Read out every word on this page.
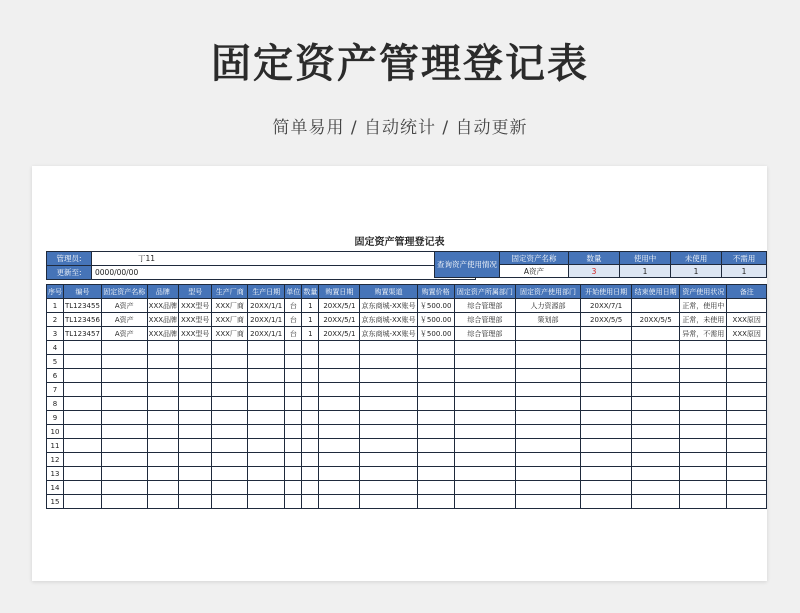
固定资产管理登记表
简单易用 / 自动统计 / 自动更新
固定资产管理登记表
管理员:	丁11
更新至:	0000/00/00
查询资产使用情况	固定资产名称	数量	使用中	未使用	不需用
	A资产	3	1	1	1
序号	编号	固定资产名称	品牌	型号	生产厂商	生产日期	单位	数量	购置日期	购置渠道	购置价格	固定资产所属部门	固定资产使用部门	开始使用日期	结束使用日期	资产使用状况	备注
1	TL123455	A资产	XXX品牌	XXX型号	XXX厂商	20XX/1/1	台	1	20XX/5/1	京东商城-XX账号	￥500.00	综合管理部	人力资源部	20XX/7/1		正常，使用中	
2	TL123456	A资产	XXX品牌	XXX型号	XXX厂商	20XX/1/1	台	1	20XX/5/1	京东商城-XX账号	￥500.00	综合管理部	策划部	20XX/5/5	20XX/5/5	正常，未使用	XXX原因
3	TL123457	A资产	XXX品牌	XXX型号	XXX厂商	20XX/1/1	台	1	20XX/5/1	京东商城-XX账号	￥500.00	综合管理部				异常，不需用	XXX原因
4																	
5																	
6																	
7																	
8																	
9																	
10																	
11																	
12																	
13																	
14																	
15																	
